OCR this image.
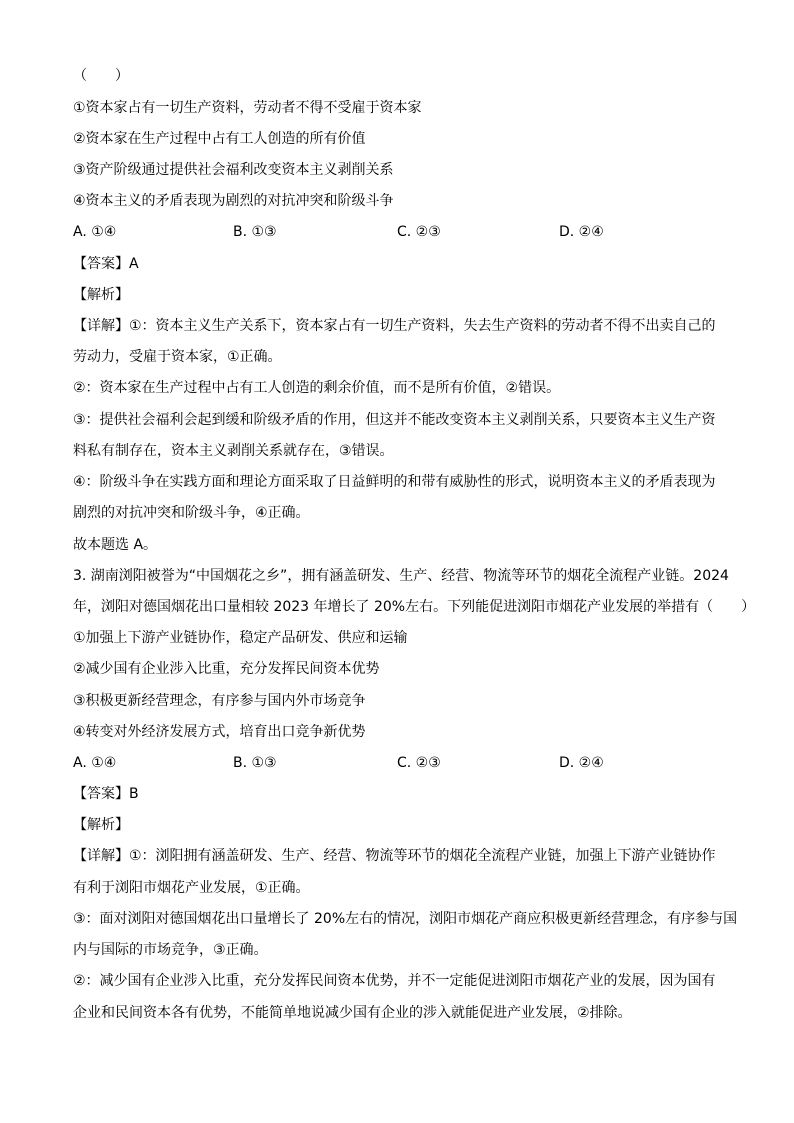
（　　）
①资本家占有一切生产资料，劳动者不得不受雇于资本家
②资本家在生产过程中占有工人创造的所有价值
③资产阶级通过提供社会福利改变资本主义剥削关系
④资本主义的矛盾表现为剧烈的对抗冲突和阶级斗争
A. ①④	B. ①③	C. ②③	D. ②④
【答案】A
【解析】
【详解】①：资本主义生产关系下，资本家占有一切生产资料，失去生产资料的劳动者不得不出卖自己的
劳动力，受雇于资本家，①正确。
②：资本家在生产过程中占有工人创造的剩余价值，而不是所有价值，②错误。
③：提供社会福利会起到缓和阶级矛盾的作用，但这并不能改变资本主义剥削关系，只要资本主义生产资
料私有制存在，资本主义剥削关系就存在，③错误。
④：阶级斗争在实践方面和理论方面采取了日益鲜明的和带有威胁性的形式，说明资本主义的矛盾表现为
剧烈的对抗冲突和阶级斗争，④正确。
故本题选 A。
3. 湖南浏阳被誉为“中国烟花之乡”，拥有涵盖研发、生产、经营、物流等环节的烟花全流程产业链。2024
年，浏阳对德国烟花出口量相较 2023 年增长了 20%左右。下列能促进浏阳市烟花产业发展的举措有（　　）
①加强上下游产业链协作，稳定产品研发、供应和运输
②减少国有企业涉入比重，充分发挥民间资本优势
③积极更新经营理念，有序参与国内外市场竞争
④转变对外经济发展方式，培育出口竞争新优势
A. ①④	B. ①③	C. ②③	D. ②④
【答案】B
【解析】
【详解】①：浏阳拥有涵盖研发、生产、经营、物流等环节的烟花全流程产业链，加强上下游产业链协作
有利于浏阳市烟花产业发展，①正确。
③：面对浏阳对德国烟花出口量增长了 20%左右的情况，浏阳市烟花产商应积极更新经营理念，有序参与国
内与国际的市场竞争，③正确。
②：减少国有企业涉入比重，充分发挥民间资本优势，并不一定能促进浏阳市烟花产业的发展，因为国有
企业和民间资本各有优势，不能简单地说减少国有企业的涉入就能促进产业发展，②排除。
